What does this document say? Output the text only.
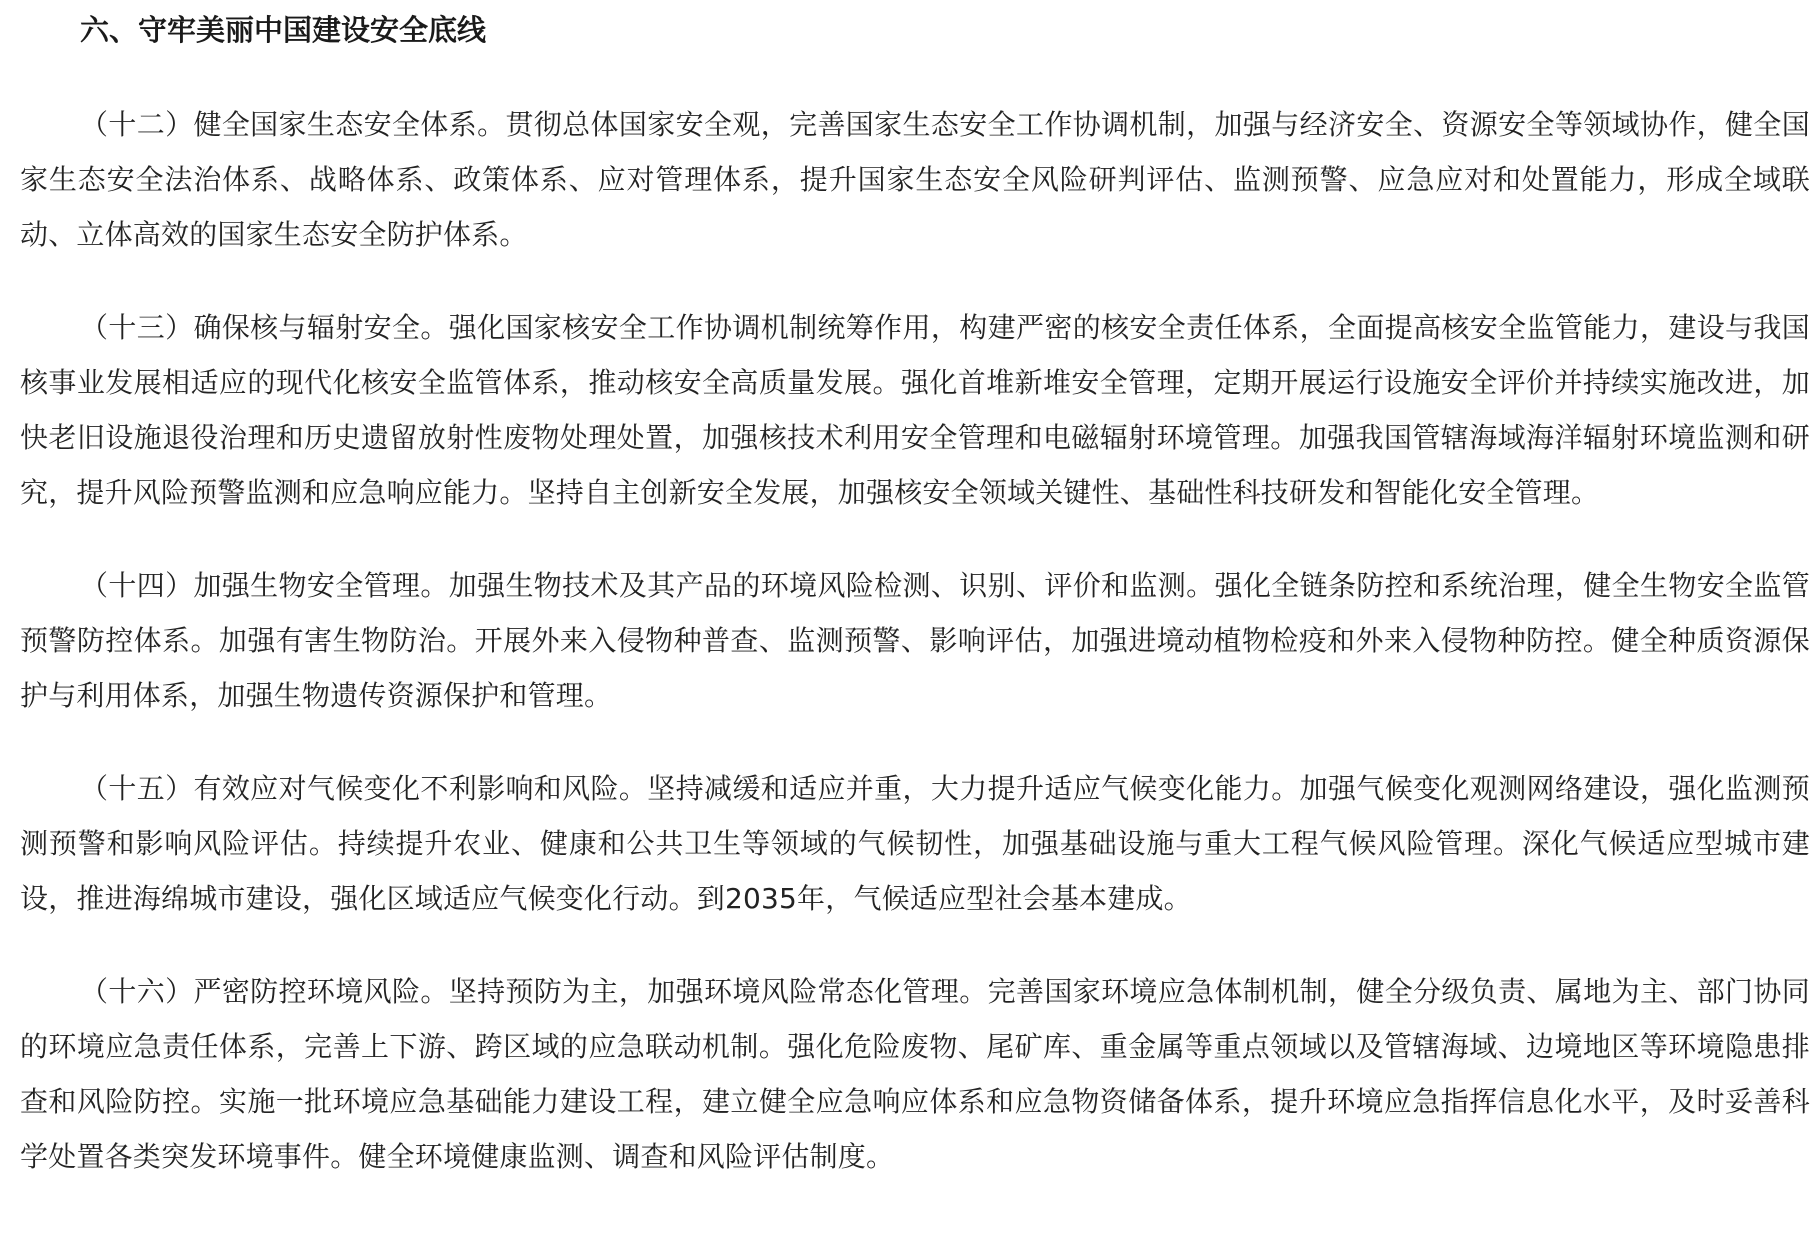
六、守牢美丽中国建设安全底线

（十二）健全国家生态安全体系。贯彻总体国家安全观，完善国家生态安全工作协调机制，加强与经济安全、资源安全等领域协作，健全国家生态安全法治体系、战略体系、政策体系、应对管理体系，提升国家生态安全风险研判评估、监测预警、应急应对和处置能力，形成全域联动、立体高效的国家生态安全防护体系。

（十三）确保核与辐射安全。强化国家核安全工作协调机制统筹作用，构建严密的核安全责任体系，全面提高核安全监管能力，建设与我国核事业发展相适应的现代化核安全监管体系，推动核安全高质量发展。强化首堆新堆安全管理，定期开展运行设施安全评价并持续实施改进，加快老旧设施退役治理和历史遗留放射性废物处理处置，加强核技术利用安全管理和电磁辐射环境管理。加强我国管辖海域海洋辐射环境监测和研究，提升风险预警监测和应急响应能力。坚持自主创新安全发展，加强核安全领域关键性、基础性科技研发和智能化安全管理。

（十四）加强生物安全管理。加强生物技术及其产品的环境风险检测、识别、评价和监测。强化全链条防控和系统治理，健全生物安全监管预警防控体系。加强有害生物防治。开展外来入侵物种普查、监测预警、影响评估，加强进境动植物检疫和外来入侵物种防控。健全种质资源保护与利用体系，加强生物遗传资源保护和管理。

（十五）有效应对气候变化不利影响和风险。坚持减缓和适应并重，大力提升适应气候变化能力。加强气候变化观测网络建设，强化监测预测预警和影响风险评估。持续提升农业、健康和公共卫生等领域的气候韧性，加强基础设施与重大工程气候风险管理。深化气候适应型城市建设，推进海绵城市建设，强化区域适应气候变化行动。到2035年，气候适应型社会基本建成。

（十六）严密防控环境风险。坚持预防为主，加强环境风险常态化管理。完善国家环境应急体制机制，健全分级负责、属地为主、部门协同的环境应急责任体系，完善上下游、跨区域的应急联动机制。强化危险废物、尾矿库、重金属等重点领域以及管辖海域、边境地区等环境隐患排查和风险防控。实施一批环境应急基础能力建设工程，建立健全应急响应体系和应急物资储备体系，提升环境应急指挥信息化水平，及时妥善科学处置各类突发环境事件。健全环境健康监测、调查和风险评估制度。
